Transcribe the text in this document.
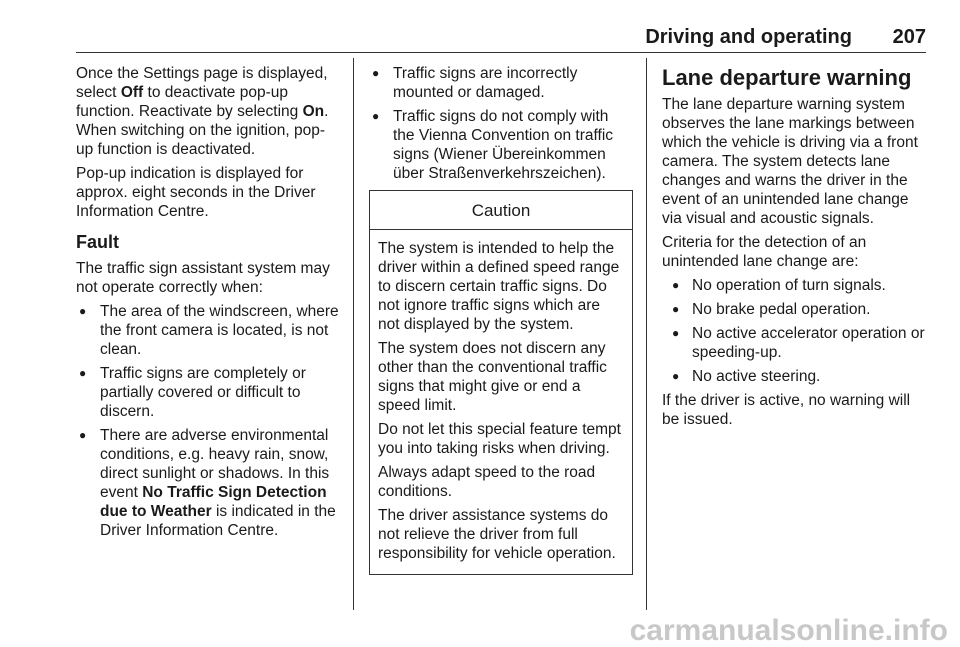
Driving and operating 207

Once the Settings page is displayed, select Off to deactivate pop-up function. Reactivate by selecting On. When switching on the ignition, pop-up function is deactivated.

Pop-up indication is displayed for approx. eight seconds in the Driver Information Centre.

Fault

The traffic sign assistant system may not operate correctly when:

● The area of the windscreen, where the front camera is located, is not clean.
● Traffic signs are completely or partially covered or difficult to discern.
● There are adverse environmental conditions, e.g. heavy rain, snow, direct sunlight or shadows. In this event No Traffic Sign Detection due to Weather is indicated in the Driver Information Centre.
● Traffic signs are incorrectly mounted or damaged.
● Traffic signs do not comply with the Vienna Convention on traffic signs (Wiener Übereinkommen über Straßenverkehrszeichen).
Caution

The system is intended to help the driver within a defined speed range to discern certain traffic signs. Do not ignore traffic signs which are not displayed by the system.

The system does not discern any other than the conventional traffic signs that might give or end a speed limit.

Do not let this special feature tempt you into taking risks when driving.

Always adapt speed to the road conditions.

The driver assistance systems do not relieve the driver from full responsibility for vehicle operation.

Lane departure warning

The lane departure warning system observes the lane markings between which the vehicle is driving via a front camera. The system detects lane changes and warns the driver in the event of an unintended lane change via visual and acoustic signals.

Criteria for the detection of an unintended lane change are:

● No operation of turn signals.
● No brake pedal operation.
● No active accelerator operation or speeding-up.
● No active steering.

If the driver is active, no warning will be issued.

carmanualsonline.info
